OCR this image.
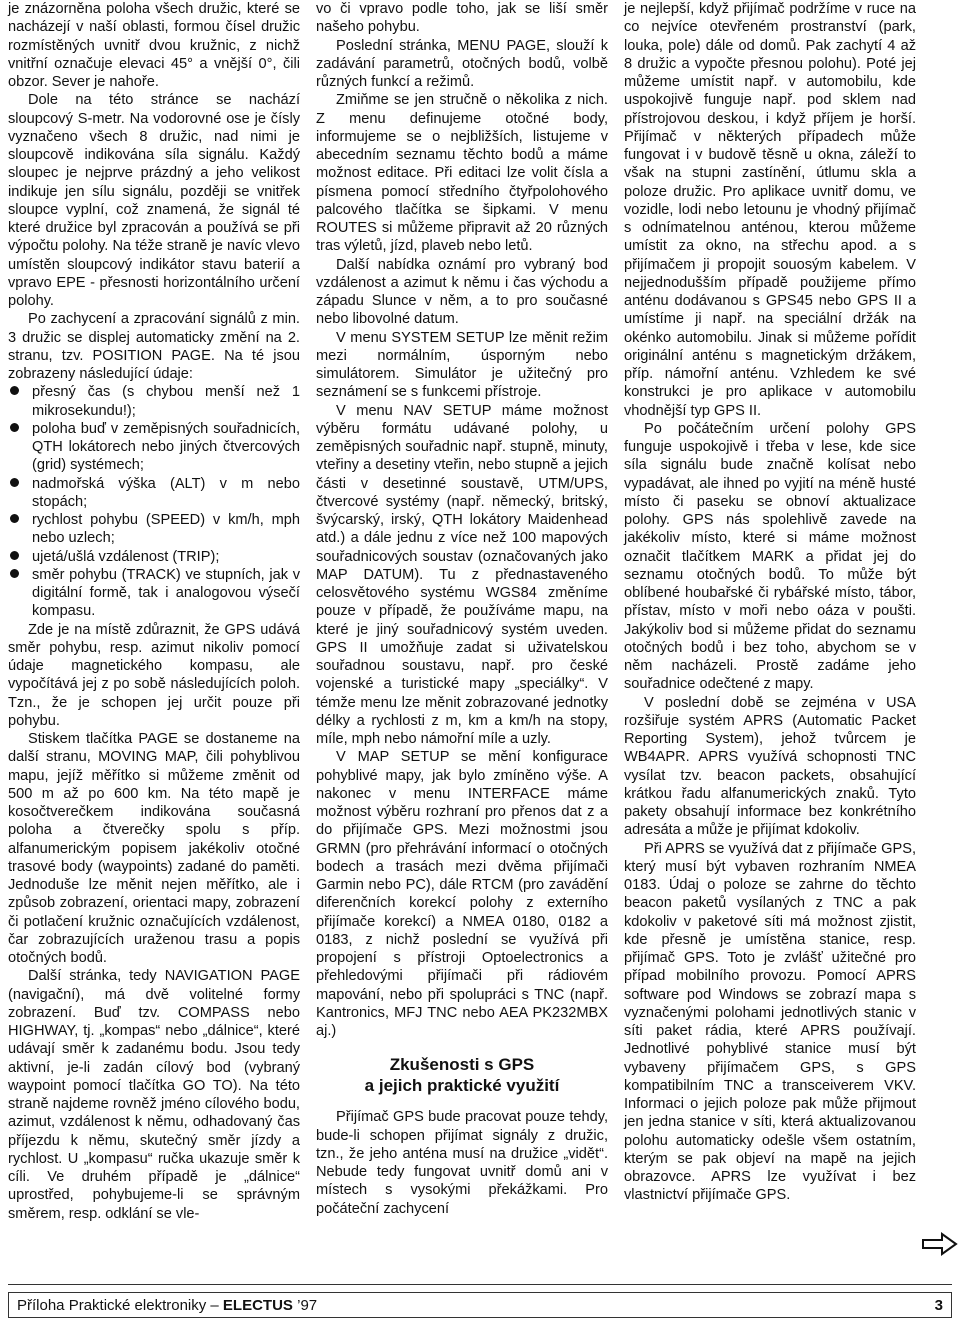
je znázorněna poloha všech družic, které se nacházejí v naší oblasti, formou čísel družic rozmístěných uvnitř dvou kružnic, z nichž vnitřní označuje elevaci 45° a vnější 0°, čili obzor. Sever je nahoře.

Dole na této stránce se nachází sloupcový S-metr. Na vodorovné ose je čísly vyznačeno všech 8 družic, nad nimi je sloupcově indikována síla signálu. Každý sloupec je nejprve prázdný a jeho velikost indikuje jen sílu signálu, později se vnitřek sloupce vyplní, což znamená, že signál té které družice byl zpracován a používá se při výpočtu polohy. Na téže straně je navíc vlevo umístěn sloupcový indikátor stavu baterií a vpravo EPE - přesnosti horizontálního určení polohy.

Po zachycení a zpracování signálů z min. 3 družic se displej automaticky změní na 2. stranu, tzv. POSITION PAGE. Na té jsou zobrazeny následující údaje:

přesný čas (s chybou menší než 1 mikrosekundu!);
poloha buď v zeměpisných souřadnicích, QTH lokátorech nebo jiných čtvercových (grid) systémech;
nadmořská výška (ALT) v m nebo stopách;
rychlost pohybu (SPEED) v km/h, mph nebo uzlech;
ujetá/ušlá vzdálenost (TRIP);
směr pohybu (TRACK) ve stupních, jak v digitální formě, tak i analogovou výsečí kompasu.

Zde je na místě zdůraznit, že GPS udává směr pohybu, resp. azimut nikoliv pomocí údaje magnetického kompasu, ale vypočítává jej z po sobě následujících poloh. Tzn., že je schopen jej určit pouze při pohybu.

Stiskem tlačítka PAGE se dostaneme na další stranu, MOVING MAP, čili pohyblivou mapu, jejíž měřítko si můžeme změnit od 500 m až po 600 km. Na této mapě je kosočtverečkem indikována současná poloha a čtverečky spolu s příp. alfanumerickým popisem jakékoliv otočné trasové body (waypoints) zadané do paměti. Jednoduše lze měnit nejen měřítko, ale i způsob zobrazení, orientaci mapy, zobrazení či potlačení kružnic označujících vzdálenost, čar zobrazujících uraženou trasu a popis otočných bodů.

Další stránka, tedy NAVIGATION PAGE (navigační), má dvě volitelné formy zobrazení. Buď tzv. COMPASS nebo HIGHWAY, tj. „kompas“ nebo „dálnice“, které udávají směr k zadanému bodu. Jsou tedy aktivní, je-li zadán cílový bod (vybraný waypoint pomocí tlačítka GO TO). Na této straně najdeme rovněž jméno cílového bodu, azimut, vzdálenost k němu, odhadovaný čas příjezdu k němu, skutečný směr jízdy a rychlost. U „kompasu“ ručka ukazuje směr k cíli. Ve druhém případě je „dálnice“ uprostřed, pohybujeme-li se správným směrem, resp. odklání se vle-

vo či vpravo podle toho, jak se liší směr našeho pohybu.

Poslední stránka, MENU PAGE, slouží k zadávání parametrů, otočných bodů, volbě různých funkcí a režimů.

Zmiňme se jen stručně o několika z nich. Z menu definujeme otočné body, informujeme se o nejbližších, listujeme v abecedním seznamu těchto bodů a máme možnost editace. Při editaci lze volit čísla a písmena pomocí středního čtyřpolohového palcového tlačítka se šipkami. V menu ROUTES si můžeme připravit až 20 různých tras výletů, jízd, plaveb nebo letů.

Další nabídka oznámí pro vybraný bod vzdálenost a azimut k němu i čas východu a západu Slunce v něm, a to pro současné nebo libovolné datum.

V menu SYSTEM SETUP lze měnit režim mezi normálním, úsporným nebo simulátorem. Simulátor je užitečný pro seznámení se s funkcemi přístroje.

V menu NAV SETUP máme možnost výběru formátu udávané polohy, u zeměpisných souřadnic např. stupně, minuty, vteřiny a desetiny vteřin, nebo stupně a jejich části v desetinné soustavě, UTM/UPS, čtvercové systémy (např. německý, britský, švýcarský, irský, QTH lokátory Maidenhead atd.) a dále jednu z více než 100 mapových souřadnicových soustav (označovaných jako MAP DATUM). Tu z přednastaveného celosvětového systému WGS84 změníme pouze v případě, že používáme mapu, na které je jiný souřadnicový systém uveden. GPS II umožňuje zadat si uživatelskou souřadnou soustavu, např. pro české vojenské a turistické mapy „speciálky“. V témže menu lze měnit zobrazované jednotky délky a rychlosti z m, km a km/h na stopy, míle, mph nebo námořní míle a uzly.

V MAP SETUP se mění konfigurace pohyblivé mapy, jak bylo zmíněno výše. A nakonec v menu INTERFACE máme možnost výběru rozhraní pro přenos dat z a do přijímače GPS. Mezi možnostmi jsou GRMN (pro přehrávání informací o otočných bodech a trasách mezi dvěma přijímači Garmin nebo PC), dále RTCM (pro zavádění diferenčních korekcí polohy z externího přijímače korekcí) a NMEA 0180, 0182 a 0183, z nichž poslední se využívá při propojení s přístroji Optoelectronics a přehledovými přijímači při rádiovém mapování, nebo při spolupráci s TNC (např. Kantronics, MFJ TNC nebo AEA PK232MBX aj.)

Zkušenosti s GPS
a jejich praktické využití

Přijímač GPS bude pracovat pouze tehdy, bude-li schopen přijímat signály z družic, tzn., že jeho anténa musí na družice „vidět“. Nebude tedy fungovat uvnitř domů ani v místech s vysokými překážkami. Pro počáteční zachycení

je nejlepší, když přijímač podržíme v ruce na co nejvíce otevřeném prostranství (park, louka, pole) dále od domů. Pak zachytí 4 až 8 družic a vypočte přesnou polohu). Poté jej můžeme umístit např. v automobilu, kde uspokojivě funguje např. pod sklem nad přístrojovou deskou, i když příjem je horší. Přijímač v některých případech může fungovat i v budově těsně u okna, záleží to však na stupni zastínění, útlumu skla a poloze družic. Pro aplikace uvnitř domu, ve vozidle, lodi nebo letounu je vhodný přijímač s odnímatelnou anténou, kterou můžeme umístit za okno, na střechu apod. a s přijímačem ji propojit souosým kabelem. V nejjednodušším případě použijeme přímo anténu dodávanou s GPS45 nebo GPS II a umístíme ji např. na speciální držák na okénko automobilu. Jinak si můžeme pořídit originální anténu s magnetickým držákem, příp. námořní anténu. Vzhledem ke své konstrukci je pro aplikace v automobilu vhodnější typ GPS II.

Po počátečním určení polohy GPS funguje uspokojivě i třeba v lese, kde sice síla signálu bude značně kolísat nebo vypadávat, ale ihned po vyjití na méně husté místo či paseku se obnoví aktualizace polohy. GPS nás spolehlivě zavede na jakékoliv místo, které si máme možnost označit tlačítkem MARK a přidat jej do seznamu otočných bodů. To může být oblíbené houbařské či rybářské místo, tábor, přístav, místo v moři nebo oáza v poušti. Jakýkoliv bod si můžeme přidat do seznamu otočných bodů i bez toho, abychom se v něm nacházeli. Prostě zadáme jeho souřadnice odečtené z mapy.

V poslední době se zejména v USA rozšiřuje systém APRS (Automatic Packet Reporting System), jehož tvůrcem je WB4APR. APRS využívá schopnosti TNC vysílat tzv. beacon packets, obsahující krátkou řadu alfanumerických znaků. Tyto pakety obsahují informace bez konkrétního adresáta a může je přijímat kdokoliv.

Při APRS se využívá dat z přijímače GPS, který musí být vybaven rozhraním NMEA 0183. Údaj o poloze se zahrne do těchto beacon paketů vysílaných z TNC a pak kdokoliv v paketové síti má možnost zjistit, kde přesně je umístěna stanice, resp. přijímač GPS. Toto je zvlášť užitečné pro případ mobilního provozu. Pomocí APRS software pod Windows se zobrazí mapa s vyznačenými polohami jednotlivých stanic v síti paket rádia, které APRS používají. Jednotlivé pohyblivé stanice musí být vybaveny přijímačem GPS, s GPS kompatibilním TNC a transceiverem VKV. Informaci o jejich poloze pak může přijmout jen jedna stanice v síti, která aktualizovanou polohu automaticky odešle všem ostatním, kterým se pak objeví na mapě na jejich obrazovce. APRS lze využívat i bez vlastnictví přijímače GPS.

Příloha Praktické elektroniky – ELECTUS ’97	3
